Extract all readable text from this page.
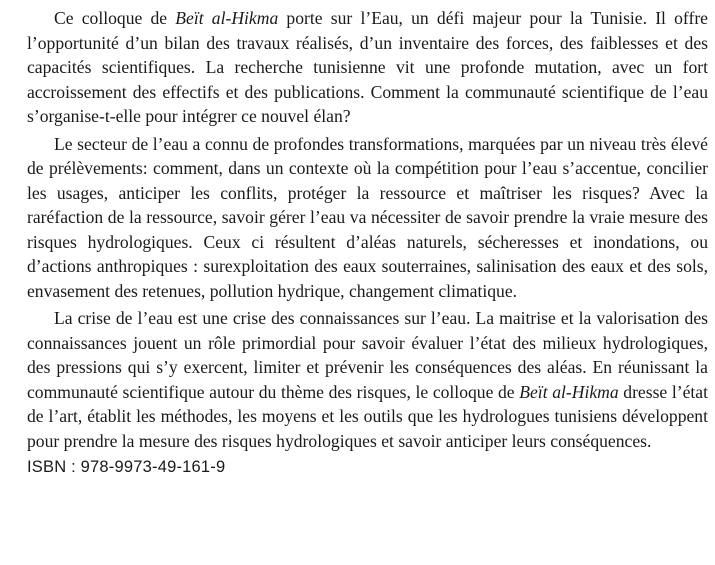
Ce colloque de Beït al-Hikma porte sur l’Eau, un défi majeur pour la Tunisie. Il offre l’opportunité d’un bilan des travaux réalisés, d’un inventaire des forces, des faiblesses et des capacités scientifiques. La recherche tunisienne vit une profonde mutation, avec un fort accroissement des effectifs et des publications. Comment la communauté scientifique de l’eau s’organise-t-elle pour intégrer ce nouvel élan?

Le secteur de l’eau a connu de profondes transformations, marquées par un niveau très élevé de prélèvements: comment, dans un contexte où la compétition pour l’eau s’accentue, concilier les usages, anticiper les conflits, protéger la ressource et maîtriser les risques? Avec la raréfaction de la ressource, savoir gérer l’eau va nécessiter de savoir prendre la vraie mesure des risques hydrologiques. Ceux ci résultent d’aléas naturels, sécheresses et inondations, ou d’actions anthropiques : surexploitation des eaux souterraines, salinisation des eaux et des sols, envasement des retenues, pollution hydrique, changement climatique.

La crise de l’eau est une crise des connaissances sur l’eau. La maitrise et la valorisation des connaissances jouent un rôle primordial pour savoir évaluer l’état des milieux hydrologiques, des pressions qui s’y exercent, limiter et prévenir les conséquences des aléas. En réunissant la communauté scientifique autour du thème des risques, le colloque de Beït al-Hikma dresse l’état de l’art, établit les méthodes, les moyens et les outils que les hydrologues tunisiens développent pour prendre la mesure des risques hydrologiques et savoir anticiper leurs conséquences.

ISBN : 978-9973-49-161-9
